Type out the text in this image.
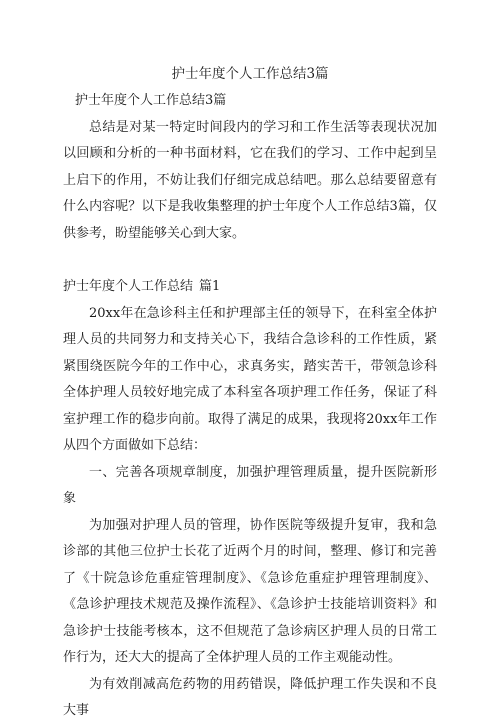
护士年度个人工作总结3篇

护士年度个人工作总结3篇

总结是对某一特定时间段内的学习和工作生活等表现状况加以回顾和分析的一种书面材料，它在我们的学习、工作中起到呈上启下的作用，不妨让我们仔细完成总结吧。那么总结要留意有什么内容呢？以下是我收集整理的护士年度个人工作总结3篇，仅供参考，盼望能够关心到大家。

护士年度个人工作总结 篇1

20xx年在急诊科主任和护理部主任的领导下，在科室全体护理人员的共同努力和支持关心下，我结合急诊科的工作性质，紧紧围绕医院今年的工作中心，求真务实，踏实苦干，带领急诊科全体护理人员较好地完成了本科室各项护理工作任务，保证了科室护理工作的稳步向前。取得了满足的成果，我现将20xx年工作从四个方面做如下总结：

一、完善各项规章制度，加强护理管理质量，提升医院新形象

为加强对护理人员的管理，协作医院等级提升复审，我和急诊部的其他三位护士长花了近两个月的时间，整理、修订和完善了《十院急诊危重症管理制度》、《急诊危重症护理管理制度》、《急诊护理技术规范及操作流程》、《急诊护士技能培训资料》和急诊护士技能考核本，这不但规范了急诊病区护理人员的日常工作行为，还大大的提高了全体护理人员的工作主观能动性。

为有效削减高危药物的用药错误，降低护理工作失误和不良大事
